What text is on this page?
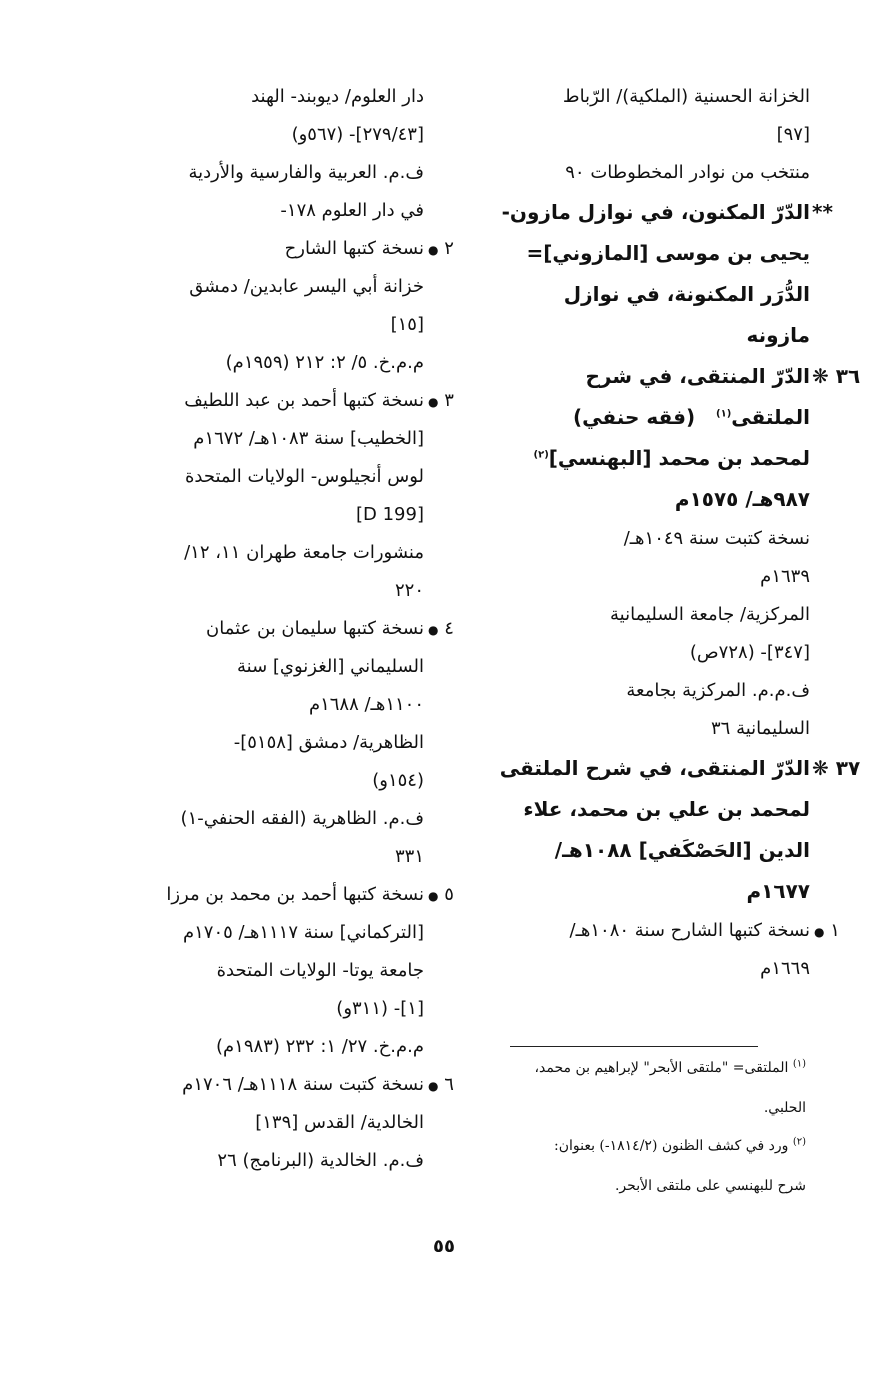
الخزانة الحسنية (الملكية)/ الرّباط
[٩٧]
منتخب من نوادر المخطوطات ٩٠
**
الدّرّ المكنون، في نوازل مازون-
يحيى بن موسى [المازوني]=
الدُّرَر المكنونة، في نوازل
مازونه
٣٦ ❋
الدّرّ المنتقى، في شرح
الملتقى$^{(١)}$   (فقه حنفي)
لمحمد بن محمد [البهنسي]$^{(٢)}$
٩٨٧هـ/ ١٥٧٥م
نسخة كتبت سنة ١٠٤٩هـ/
١٦٣٩م
المركزية/ جامعة السليمانية
[٣٤٧]- (٧٢٨ص)
ف.م.م. المركزية بجامعة
السليمانية ٣٦
٣٧ ❋
الدّرّ المنتقى، في شرح الملتقى
لمحمد بن علي بن محمد، علاء
الدين [الحَصْكَفي] ١٠٨٨هـ/
١٦٧٧م
١ ●
نسخة كتبها الشارح سنة ١٠٨٠هـ/
١٦٦٩م
دار العلوم/ ديوبند- الهند
[٢٧٩/٤٣]- (٥٦٧و)
ف.م. العربية والفارسية والأردية
في دار العلوم ١٧٨-
٢ ●
نسخة كتبها الشارح
خزانة أبي اليسر عابدين/ دمشق
[١٥]
م.م.خ. ٥/ ٢: ٢١٢ (١٩٥٩م)
٣ ●
نسخة كتبها أحمد بن عبد اللطيف
[الخطيب] سنة ١٠٨٣هـ/ ١٦٧٢م
لوس أنجيلوس- الولايات المتحدة
[D 199]
منشورات جامعة طهران ١١، ١٢/
٢٢٠
٤ ●
نسخة كتبها سليمان بن عثمان
السليماني [الغزنوي] سنة
١١٠٠هـ/ ١٦٨٨م
الظاهرية/ دمشق [٥١٥٨]-
(١٥٤و)
ف.م. الظاهرية (الفقه الحنفي-١)
٣٣١
٥ ●
نسخة كتبها أحمد بن محمد بن مرزا
[التركماني] سنة ١١١٧هـ/ ١٧٠٥م
جامعة يوتا- الولايات المتحدة
[١]- (٣١١و)
م.م.خ. ٢٧/ ١: ٢٣٢ (١٩٨٣م)
٦ ●
نسخة كتبت سنة ١١١٨هـ/ ١٧٠٦م
الخالدية/ القدس [١٣٩]
ف.م. الخالدية (البرنامج) ٢٦
$^{(١)}$ الملتقى= "ملتقى الأبحر" لإبراهيم بن محمد،
الحلبي.
$^{(٢)}$ ورد في كشف الظنون (١٨١٤/٢-) بعنوان:
شرح للبهنسي على ملتقى الأبحر.
٥٥
